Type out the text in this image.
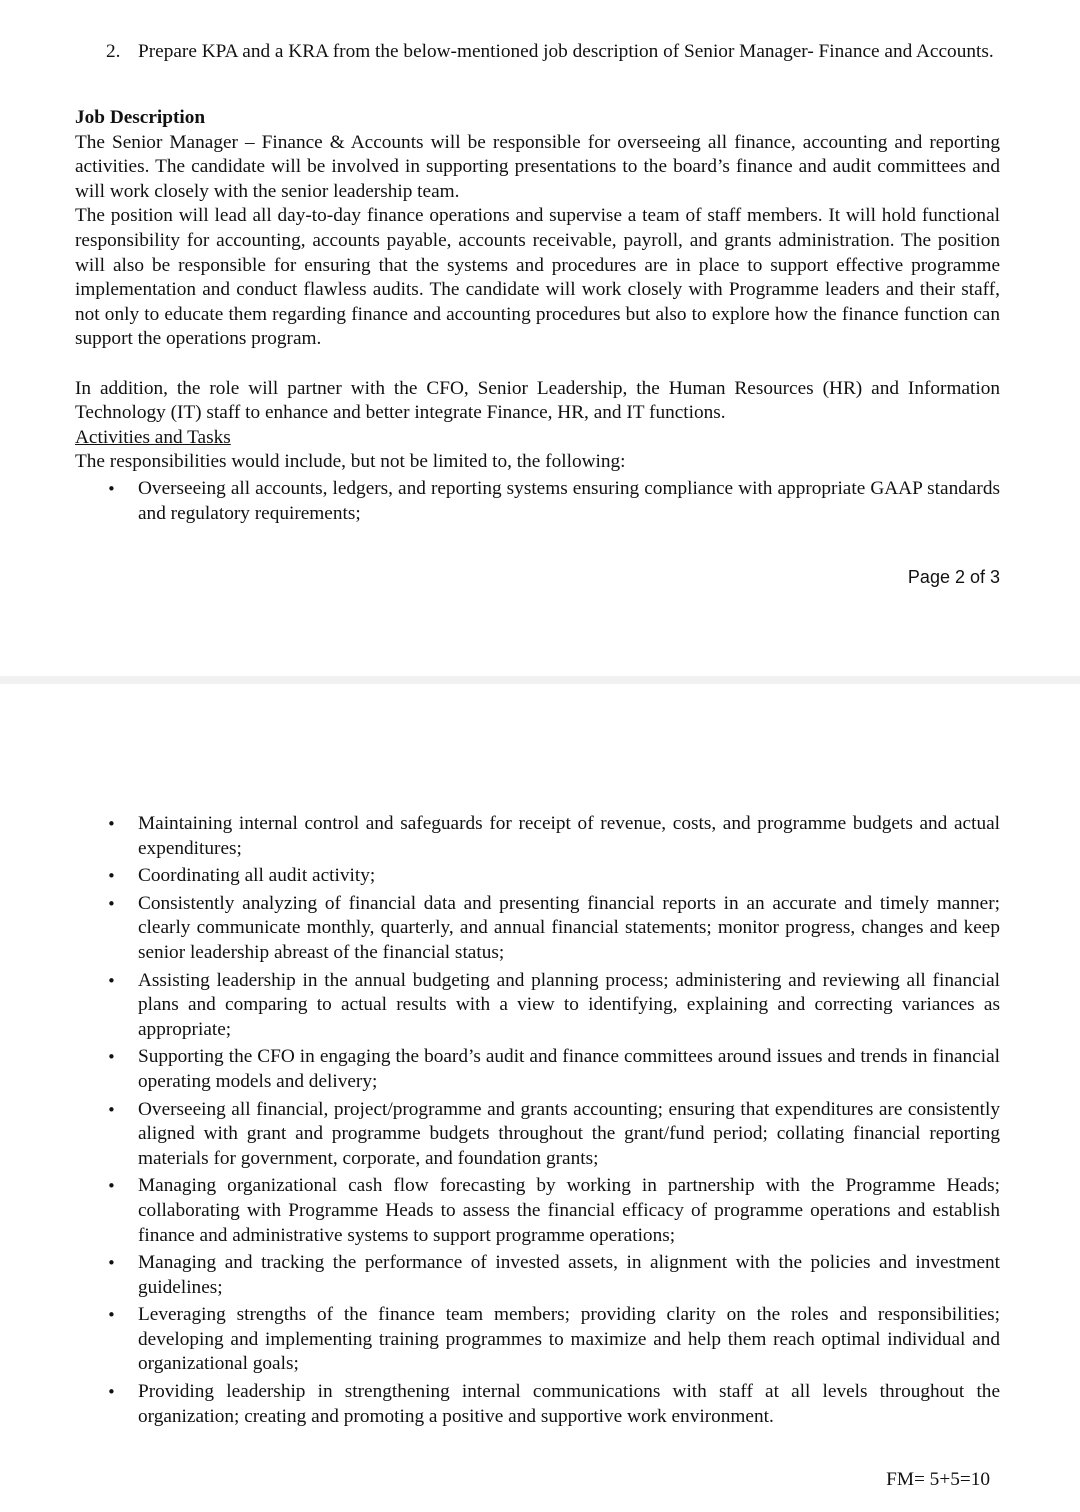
2. Prepare KPA and a KRA from the below-mentioned job description of Senior Manager- Finance and Accounts.
Job Description
The Senior Manager – Finance & Accounts will be responsible for overseeing all finance, accounting and reporting activities. The candidate will be involved in supporting presentations to the board’s finance and audit committees and will work closely with the senior leadership team.
The position will lead all day-to-day finance operations and supervise a team of staff members. It will hold functional responsibility for accounting, accounts payable, accounts receivable, payroll, and grants administration. The position will also be responsible for ensuring that the systems and procedures are in place to support effective programme implementation and conduct flawless audits. The candidate will work closely with Programme leaders and their staff, not only to educate them regarding finance and accounting procedures but also to explore how the finance function can support the operations program.
In addition, the role will partner with the CFO, Senior Leadership, the Human Resources (HR) and Information Technology (IT) staff to enhance and better integrate Finance, HR, and IT functions.
Activities and Tasks
The responsibilities would include, but not be limited to, the following:
• Overseeing all accounts, ledgers, and reporting systems ensuring compliance with appropriate GAAP standards and regulatory requirements;
Page 2 of 3
• Maintaining internal control and safeguards for receipt of revenue, costs, and programme budgets and actual expenditures;
• Coordinating all audit activity;
• Consistently analyzing of financial data and presenting financial reports in an accurate and timely manner; clearly communicate monthly, quarterly, and annual financial statements; monitor progress, changes and keep senior leadership abreast of the financial status;
• Assisting leadership in the annual budgeting and planning process; administering and reviewing all financial plans and comparing to actual results with a view to identifying, explaining and correcting variances as appropriate;
• Supporting the CFO in engaging the board’s audit and finance committees around issues and trends in financial operating models and delivery;
• Overseeing all financial, project/programme and grants accounting; ensuring that expenditures are consistently aligned with grant and programme budgets throughout the grant/fund period; collating financial reporting materials for government, corporate, and foundation grants;
• Managing organizational cash flow forecasting by working in partnership with the Programme Heads; collaborating with Programme Heads to assess the financial efficacy of programme operations and establish finance and administrative systems to support programme operations;
• Managing and tracking the performance of invested assets, in alignment with the policies and investment guidelines;
• Leveraging strengths of the finance team members; providing clarity on the roles and responsibilities; developing and implementing training programmes to maximize and help them reach optimal individual and organizational goals;
• Providing leadership in strengthening internal communications with staff at all levels throughout the organization; creating and promoting a positive and supportive work environment.
FM= 5+5=10
